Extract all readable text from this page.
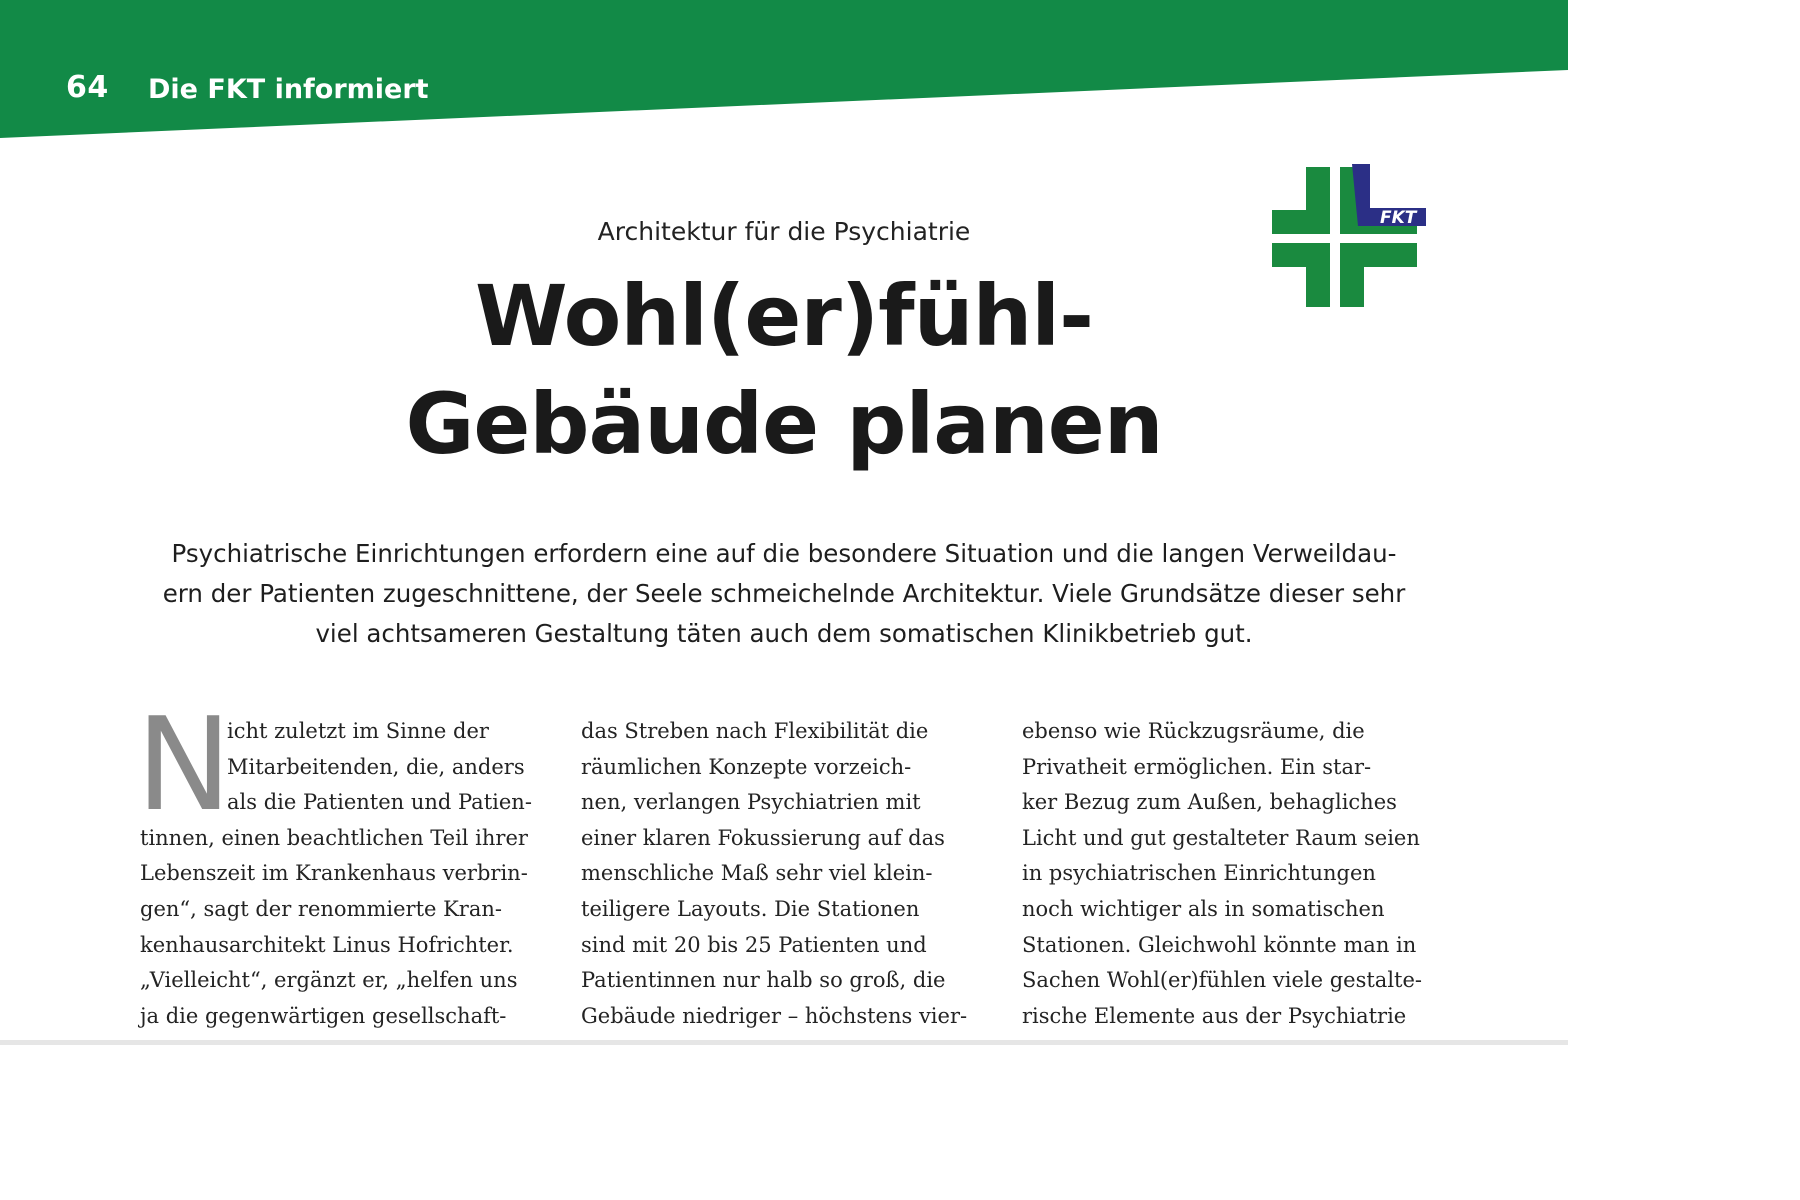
64 Die FKT informiert
FKT
Architektur für die Psychiatrie
Wohl(er)fühl-
Gebäude planen

Psychiatrische Einrichtungen erfordern eine auf die besondere Situation und die langen Verweildau-
ern der Patienten zugeschnittene, der Seele schmeichelnde Architektur. Viele Grundsätze dieser sehr
viel achtsameren Gestaltung täten auch dem somatischen Klinikbetrieb gut.

N
icht zuletzt im Sinne der
Mitarbeitenden, die, anders
als die Patienten und Patien-
tinnen, einen beachtlichen Teil ihrer
Lebenszeit im Krankenhaus verbrin-
gen“, sagt der renommierte Kran-
kenhausarchitekt Linus Hofrichter.
„Vielleicht“, ergänzt er, „helfen uns
ja die gegenwärtigen gesellschaft-
das Streben nach Flexibilität die
räumlichen Konzepte vorzeich-
nen, verlangen Psychiatrien mit
einer klaren Fokussierung auf das
menschliche Maß sehr viel klein-
teiligere Layouts. Die Stationen
sind mit 20 bis 25 Patienten und
Patientinnen nur halb so groß, die
Gebäude niedriger – höchstens vier-
ebenso wie Rückzugsräume, die
Privatheit ermöglichen. Ein star-
ker Bezug zum Außen, behagliches
Licht und gut gestalteter Raum seien
in psychiatrischen Einrichtungen
noch wichtiger als in somatischen
Stationen. Gleichwohl könnte man in
Sachen Wohl(er)fühlen viele gestalte-
rische Elemente aus der Psychiatrie
